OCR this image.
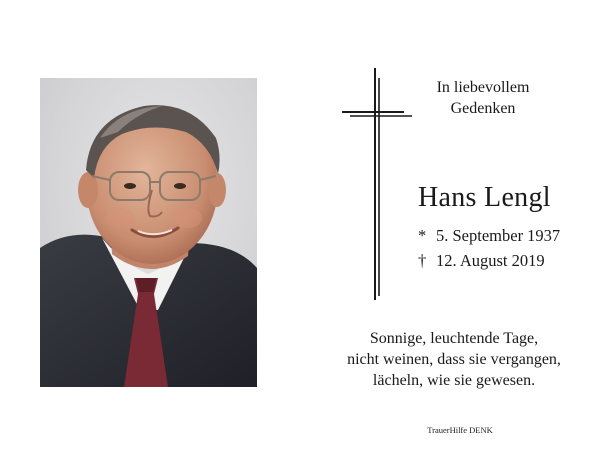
In liebevollem
Gedenken
Hans Lengl
* 5. September 1937
† 12. August 2019
Sonnige, leuchtende Tage,
nicht weinen, dass sie vergangen,
lächeln, wie sie gewesen.
TrauerHilfe DENK
